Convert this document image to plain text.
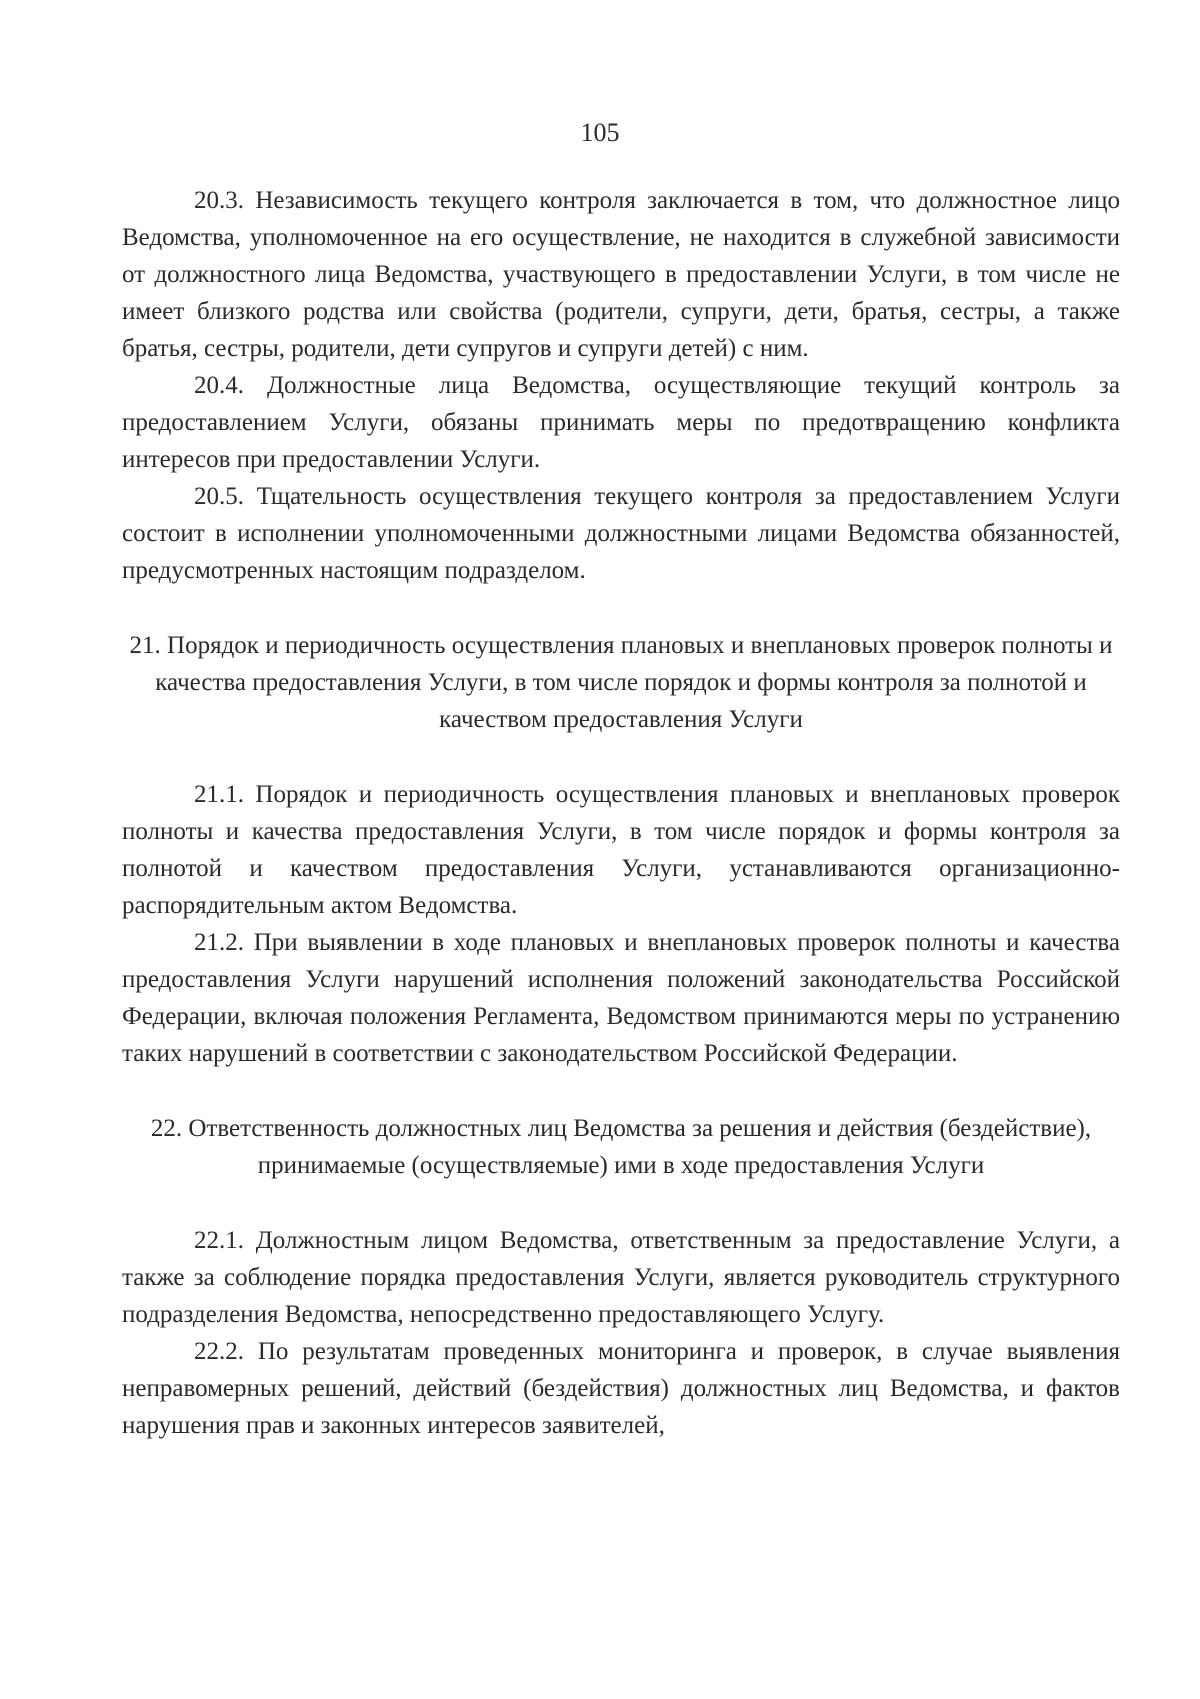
105

20.3. Независимость текущего контроля заключается в том, что должностное лицо Ведомства, уполномоченное на его осуществление, не находится в служебной зависимости от должностного лица Ведомства, участвующего в предоставлении Услуги, в том числе не имеет близкого родства или свойства (родители, супруги, дети, братья, сестры, а также братья, сестры, родители, дети супругов и супруги детей) с ним.

20.4. Должностные лица Ведомства, осуществляющие текущий контроль за предоставлением Услуги, обязаны принимать меры по предотвращению конфликта интересов при предоставлении Услуги.

20.5. Тщательность осуществления текущего контроля за предоставлением Услуги состоит в исполнении уполномоченными должностными лицами Ведомства обязанностей, предусмотренных настоящим подразделом.

21. Порядок и периодичность осуществления плановых и внеплановых проверок полноты и качества предоставления Услуги, в том числе порядок и формы контроля за полнотой и качеством предоставления Услуги

21.1. Порядок и периодичность осуществления плановых и внеплановых проверок полноты и качества предоставления Услуги, в том числе порядок и формы контроля за полнотой и качеством предоставления Услуги, устанавливаются организационно-распорядительным актом Ведомства.

21.2. При выявлении в ходе плановых и внеплановых проверок полноты и качества предоставления Услуги нарушений исполнения положений законодательства Российской Федерации, включая положения Регламента, Ведомством принимаются меры по устранению таких нарушений в соответствии с законодательством Российской Федерации.

22. Ответственность должностных лиц Ведомства за решения и действия (бездействие), принимаемые (осуществляемые) ими в ходе предоставления Услуги

22.1. Должностным лицом Ведомства, ответственным за предоставление Услуги, а также за соблюдение порядка предоставления Услуги, является руководитель структурного подразделения Ведомства, непосредственно предоставляющего Услугу.

22.2. По результатам проведенных мониторинга и проверок, в случае выявления неправомерных решений, действий (бездействия) должностных лиц Ведомства, и фактов нарушения прав и законных интересов заявителей,
